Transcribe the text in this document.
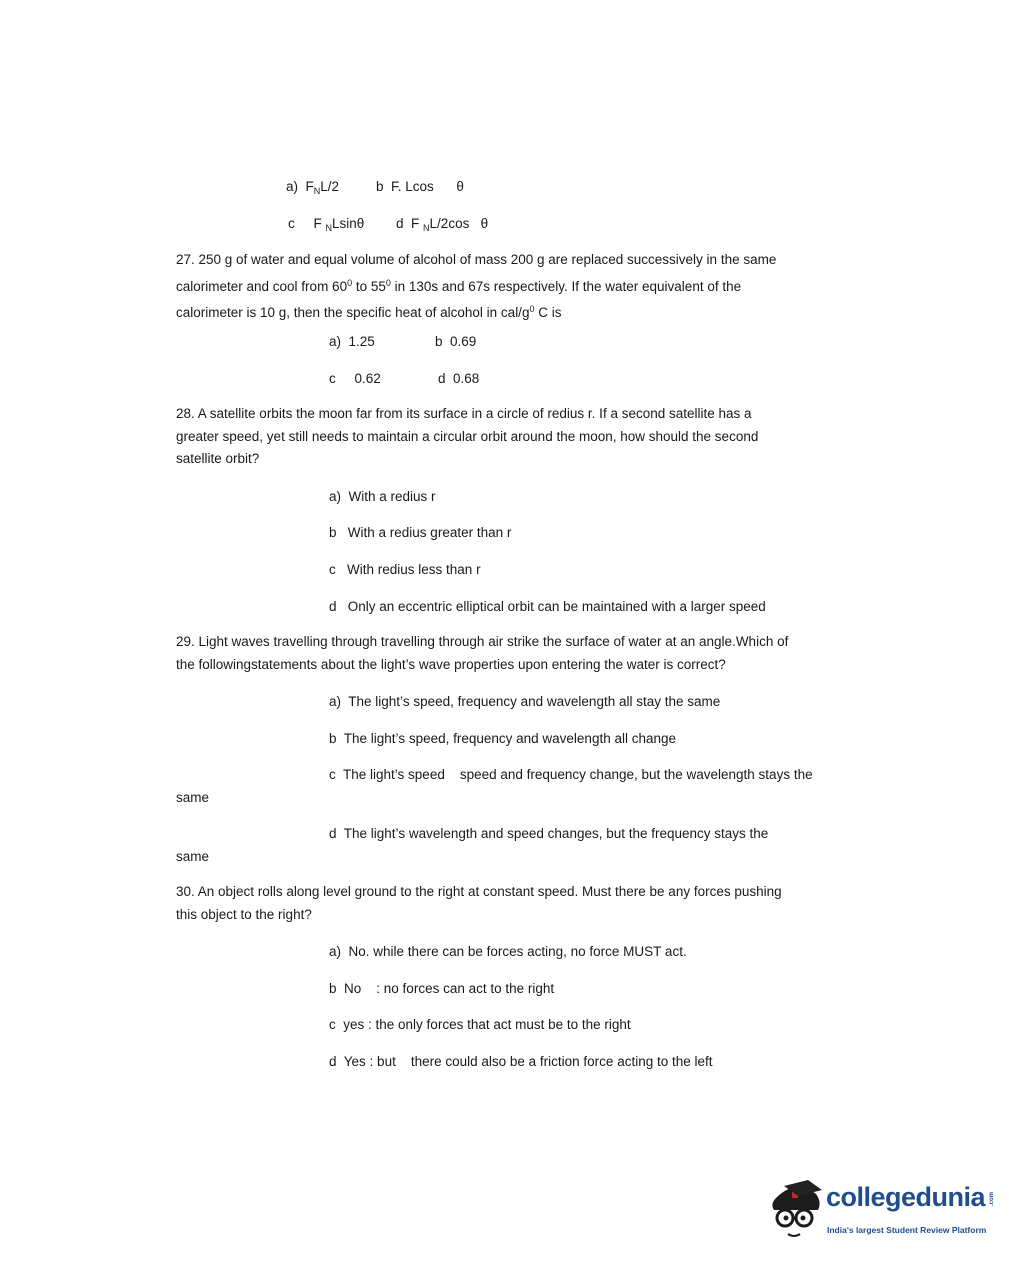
a) $F_NL/2$	b F. Lcos θ
c F $_N$Lsinθ d F $_N$L/2cos θ
27. 250 g of water and equal volume of alcohol of mass 200 g are replaced successively in the same
calorimeter and cool from $60^0$ to $55^0$ in 130s and 67s respectively. If the water equivalent of the
calorimeter is 10 g, then the specific heat of alcohol in cal/$g^0$ C is
a) 1.25	b 0.69
c 0.62	d 0.68
28. A satellite orbits the moon far from its surface in a circle of redius r. If a second satellite has a
greater speed, yet still needs to maintain a circular orbit around the moon, how should the second
satellite orbit?
a) With a redius r
b With a redius greater than r
c With redius less than r
d Only an eccentric elliptical orbit can be maintained with a larger speed
29. Light waves travelling through travelling through air strike the surface of water at an angle.Which of
the followingstatements about the light’s wave properties upon entering the water is correct?
a) The light’s speed, frequency and wavelength all stay the same
b The light’s speed, frequency and wavelength all change
c The light’s speed    speed and frequency change, but the wavelength stays the
same
d The light’s wavelength and speed changes, but the frequency stays the
same
30. An object rolls along level ground to the right at constant speed. Must there be any forces pushing
this object to the right?
a) No. while there can be forces acting, no force MUST act.
b No    : no forces can act to the right
c yes : the only forces that act must be to the right
d Yes : but    there could also be a friction force acting to the left
collegedunia .com
India's largest Student Review Platform
